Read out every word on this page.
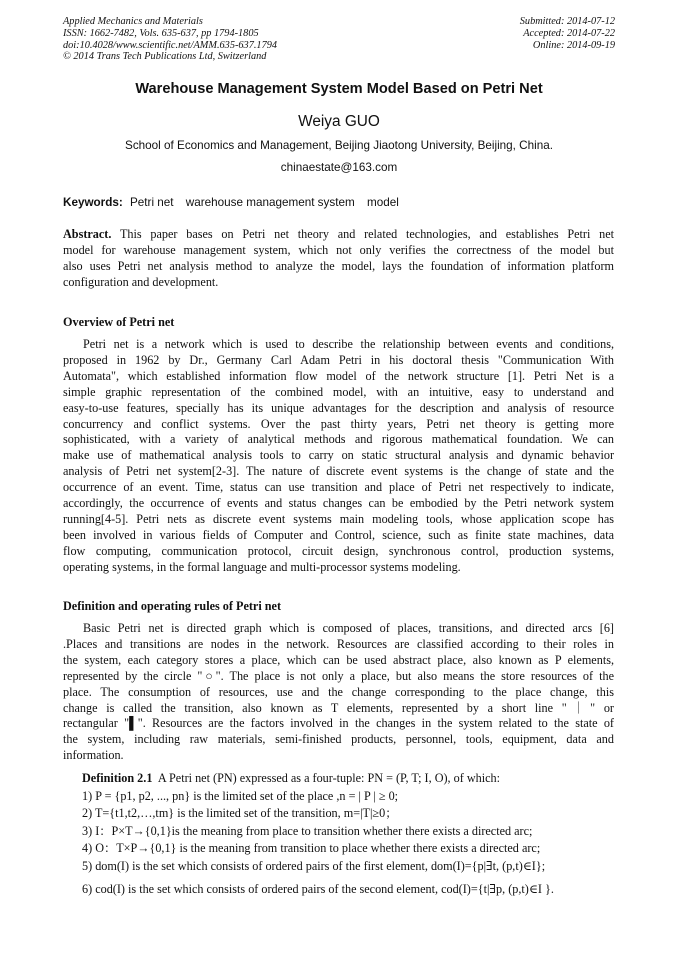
Applied Mechanics and Materials
ISSN: 1662-7482, Vols. 635-637, pp 1794-1805
doi:10.4028/www.scientific.net/AMM.635-637.1794
© 2014 Trans Tech Publications Ltd, Switzerland
Submitted: 2014-07-12
Accepted: 2014-07-22
Online: 2014-09-19
Warehouse Management System Model Based on Petri Net
Weiya GUO
School of Economics and Management, Beijing Jiaotong University, Beijing, China.
chinaestate@163.com
Keywords: Petri net warehouse management system model
Abstract. This paper bases on Petri net theory and related technologies, and establishes Petri net
model for warehouse management system, which not only verifies the correctness of the model but
also uses Petri net analysis method to analyze the model, lays the foundation of information platform
configuration and development.
Overview of Petri net
Petri net is a network which is used to describe the relationship between events and conditions,
proposed in 1962 by Dr., Germany Carl Adam Petri in his doctoral thesis "Communication With
Automata", which established information flow model of the network structure [1]. Petri Net is a
simple graphic representation of the combined model, with an intuitive, easy to understand and
easy-to-use features, specially has its unique advantages for the description and analysis of resource
concurrency and conflict systems. Over the past thirty years, Petri net theory is getting more
sophisticated, with a variety of analytical methods and rigorous mathematical foundation. We can
make use of mathematical analysis tools to carry on static structural analysis and dynamic behavior
analysis of Petri net system[2-3]. The nature of discrete event systems is the change of state and the
occurrence of an event. Time, status can use transition and place of Petri net respectively to indicate,
accordingly, the occurrence of events and status changes can be embodied by the Petri network system
running[4-5]. Petri nets as discrete event systems main modeling tools, whose application scope has
been involved in various fields of Computer and Control, science, such as finite state machines, data
flow computing, communication protocol, circuit design, synchronous control, production systems,
operating systems, in the formal language and multi-processor systems modeling.
Definition and operating rules of Petri net
Basic Petri net is directed graph which is composed of places, transitions, and directed arcs [6]
.Places and transitions are nodes in the network. Resources are classified according to their roles in
the system, each category stores a place, which can be used abstract place, also known as P elements,
represented by the circle "○". The place is not only a place, but also means the store resources of the
place. The consumption of resources, use and the change corresponding to the place change, this
change is called the transition, also known as T elements, represented by a short line "｜" or
rectangular "▌". Resources are the factors involved in the changes in the system related to the state of
the system, including raw materials, semi-finished products, personnel, tools, equipment, data and
information.
Definition 2.1 A Petri net (PN) expressed as a four-tuple: PN = (P, T; I, O), of which:
1) P = {p1, p2, ..., pn} is the limited set of the place ,n = | P | ≥ 0;
2) T={t1,t2,…,tm} is the limited set of the transition, m=|T|≥0；
3) I：P×T→{0,1}is the meaning from place to transition whether there exists a directed arc;
4) O：T×P→{0,1} is the meaning from transition to place whether there exists a directed arc;
5) dom(I) is the set which consists of ordered pairs of the first element, dom(I)={p|∃t, (p,t)∈I};
6) cod(I) is the set which consists of ordered pairs of the second element, cod(I)={t|∃p, (p,t)∈I }.
